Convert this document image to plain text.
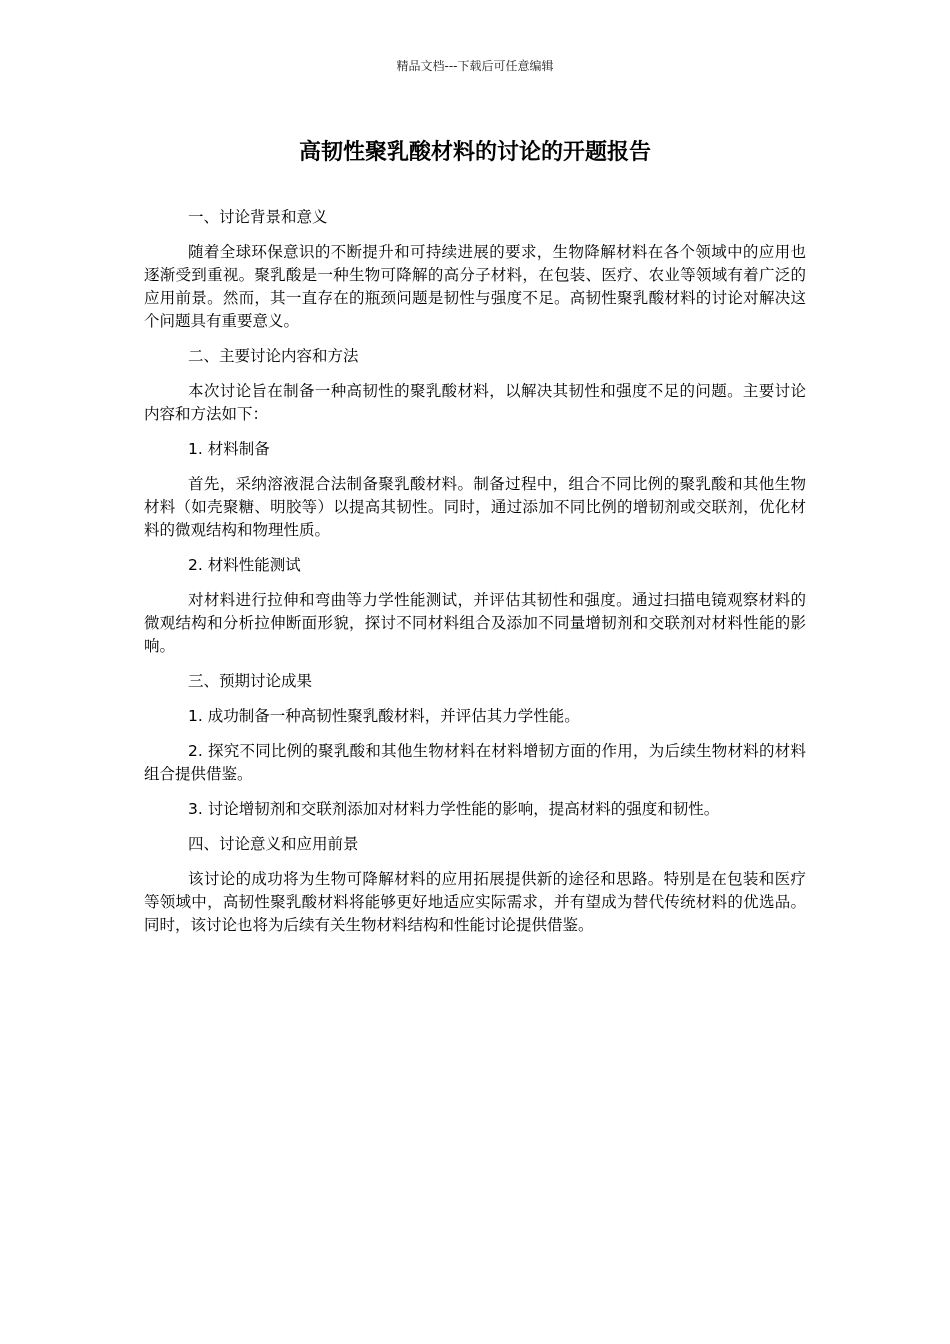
精品文档---下载后可任意编辑
高韧性聚乳酸材料的讨论的开题报告

一、讨论背景和意义

随着全球环保意识的不断提升和可持续进展的要求，生物降解材料在各个领域中的应用也逐渐受到重视。聚乳酸是一种生物可降解的高分子材料，在包装、医疗、农业等领域有着广泛的应用前景。然而，其一直存在的瓶颈问题是韧性与强度不足。高韧性聚乳酸材料的讨论对解决这个问题具有重要意义。

二、主要讨论内容和方法

本次讨论旨在制备一种高韧性的聚乳酸材料，以解决其韧性和强度不足的问题。主要讨论内容和方法如下：

1. 材料制备

首先，采纳溶液混合法制备聚乳酸材料。制备过程中，组合不同比例的聚乳酸和其他生物材料（如壳聚糖、明胶等）以提高其韧性。同时，通过添加不同比例的增韧剂或交联剂，优化材料的微观结构和物理性质。

2. 材料性能测试

对材料进行拉伸和弯曲等力学性能测试，并评估其韧性和强度。通过扫描电镜观察材料的微观结构和分析拉伸断面形貌，探讨不同材料组合及添加不同量增韧剂和交联剂对材料性能的影响。

三、预期讨论成果

1. 成功制备一种高韧性聚乳酸材料，并评估其力学性能。

2. 探究不同比例的聚乳酸和其他生物材料在材料增韧方面的作用，为后续生物材料的材料组合提供借鉴。

3. 讨论增韧剂和交联剂添加对材料力学性能的影响，提高材料的强度和韧性。

四、讨论意义和应用前景

该讨论的成功将为生物可降解材料的应用拓展提供新的途径和思路。特别是在包装和医疗等领域中，高韧性聚乳酸材料将能够更好地适应实际需求，并有望成为替代传统材料的优选品。同时，该讨论也将为后续有关生物材料结构和性能讨论提供借鉴。
